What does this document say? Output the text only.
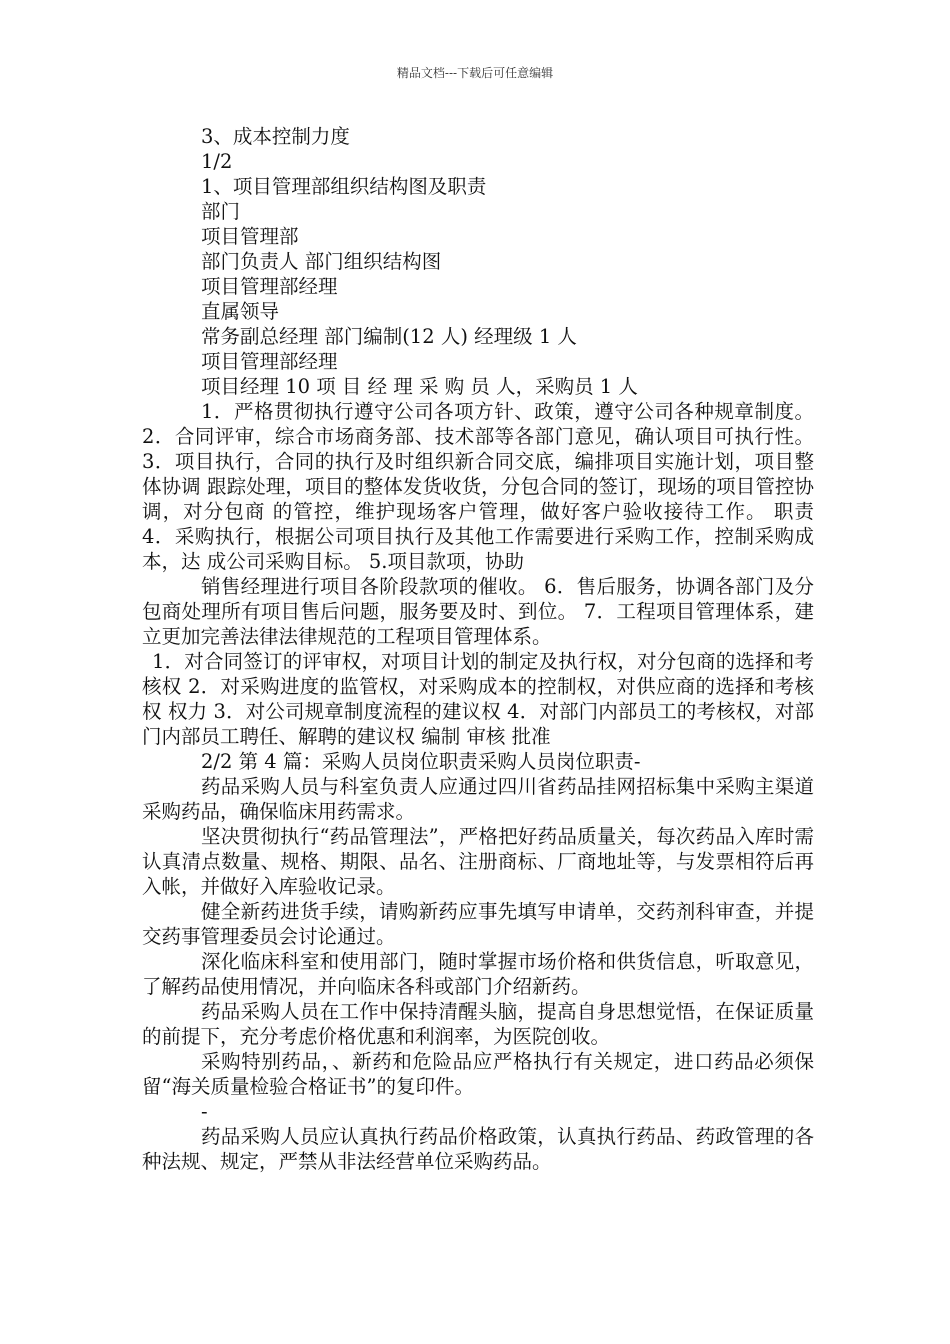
精品文档---下载后可任意编辑

3、成本控制力度

1/2

1、项目管理部组织结构图及职责

部门

项目管理部

部门负责人 部门组织结构图

项目管理部经理

直属领导

常务副总经理 部门编制(12 人) 经理级 1 人

项目管理部经理

项目经理 10 项 目 经 理 采 购 员 人，采购员 1 人

1．严格贯彻执行遵守公司各项方针、政策，遵守公司各种规章制度。 2．合同评审，综合市场商务部、技术部等各部门意见，确认项目可执行性。 3．项目执行，合同的执行及时组织新合同交底，编排项目实施计划，项目整体协调 跟踪处理，项目的整体发货收货，分包合同的签订，现场的项目管控协调，对分包商 的管控，维护现场客户管理，做好客户验收接待工作。 职责 4．采购执行，根据公司项目执行及其他工作需要进行采购工作，控制采购成本，达 成公司采购目标。 5.项目款项，协助

销售经理进行项目各阶段款项的催收。 6．售后服务，协调各部门及分包商处理所有项目售后问题，服务要及时、到位。 7．工程项目管理体系，建立更加完善法律法律规范的工程项目管理体系。

1．对合同签订的评审权，对项目计划的制定及执行权，对分包商的选择和考核权 2．对采购进度的监管权，对采购成本的控制权，对供应商的选择和考核权 权力 3．对公司规章制度流程的建议权 4．对部门内部员工的考核权，对部门内部员工聘任、解聘的建议权 编制 审核 批准

2/2 第 4 篇：采购人员岗位职责采购人员岗位职责-

药品采购人员与科室负责人应通过四川省药品挂网招标集中采购主渠道采购药品，确保临床用药需求。

坚决贯彻执行“药品管理法”，严格把好药品质量关，每次药品入库时需认真清点数量、规格、期限、品名、注册商标、厂商地址等，与发票相符后再入帐，并做好入库验收记录。

健全新药进货手续，请购新药应事先填写申请单，交药剂科审查，并提交药事管理委员会讨论通过。

深化临床科室和使用部门，随时掌握市场价格和供货信息，听取意见，了解药品使用情况，并向临床各科或部门介绍新药。

药品采购人员在工作中保持清醒头脑，提高自身思想觉悟，在保证质量的前提下，充分考虑价格优惠和利润率，为医院创收。

采购特别药品，、新药和危险品应严格执行有关规定，进口药品必须保留“海关质量检验合格证书”的复印件。

-

药品采购人员应认真执行药品价格政策，认真执行药品、药政管理的各种法规、规定，严禁从非法经营单位采购药品。
